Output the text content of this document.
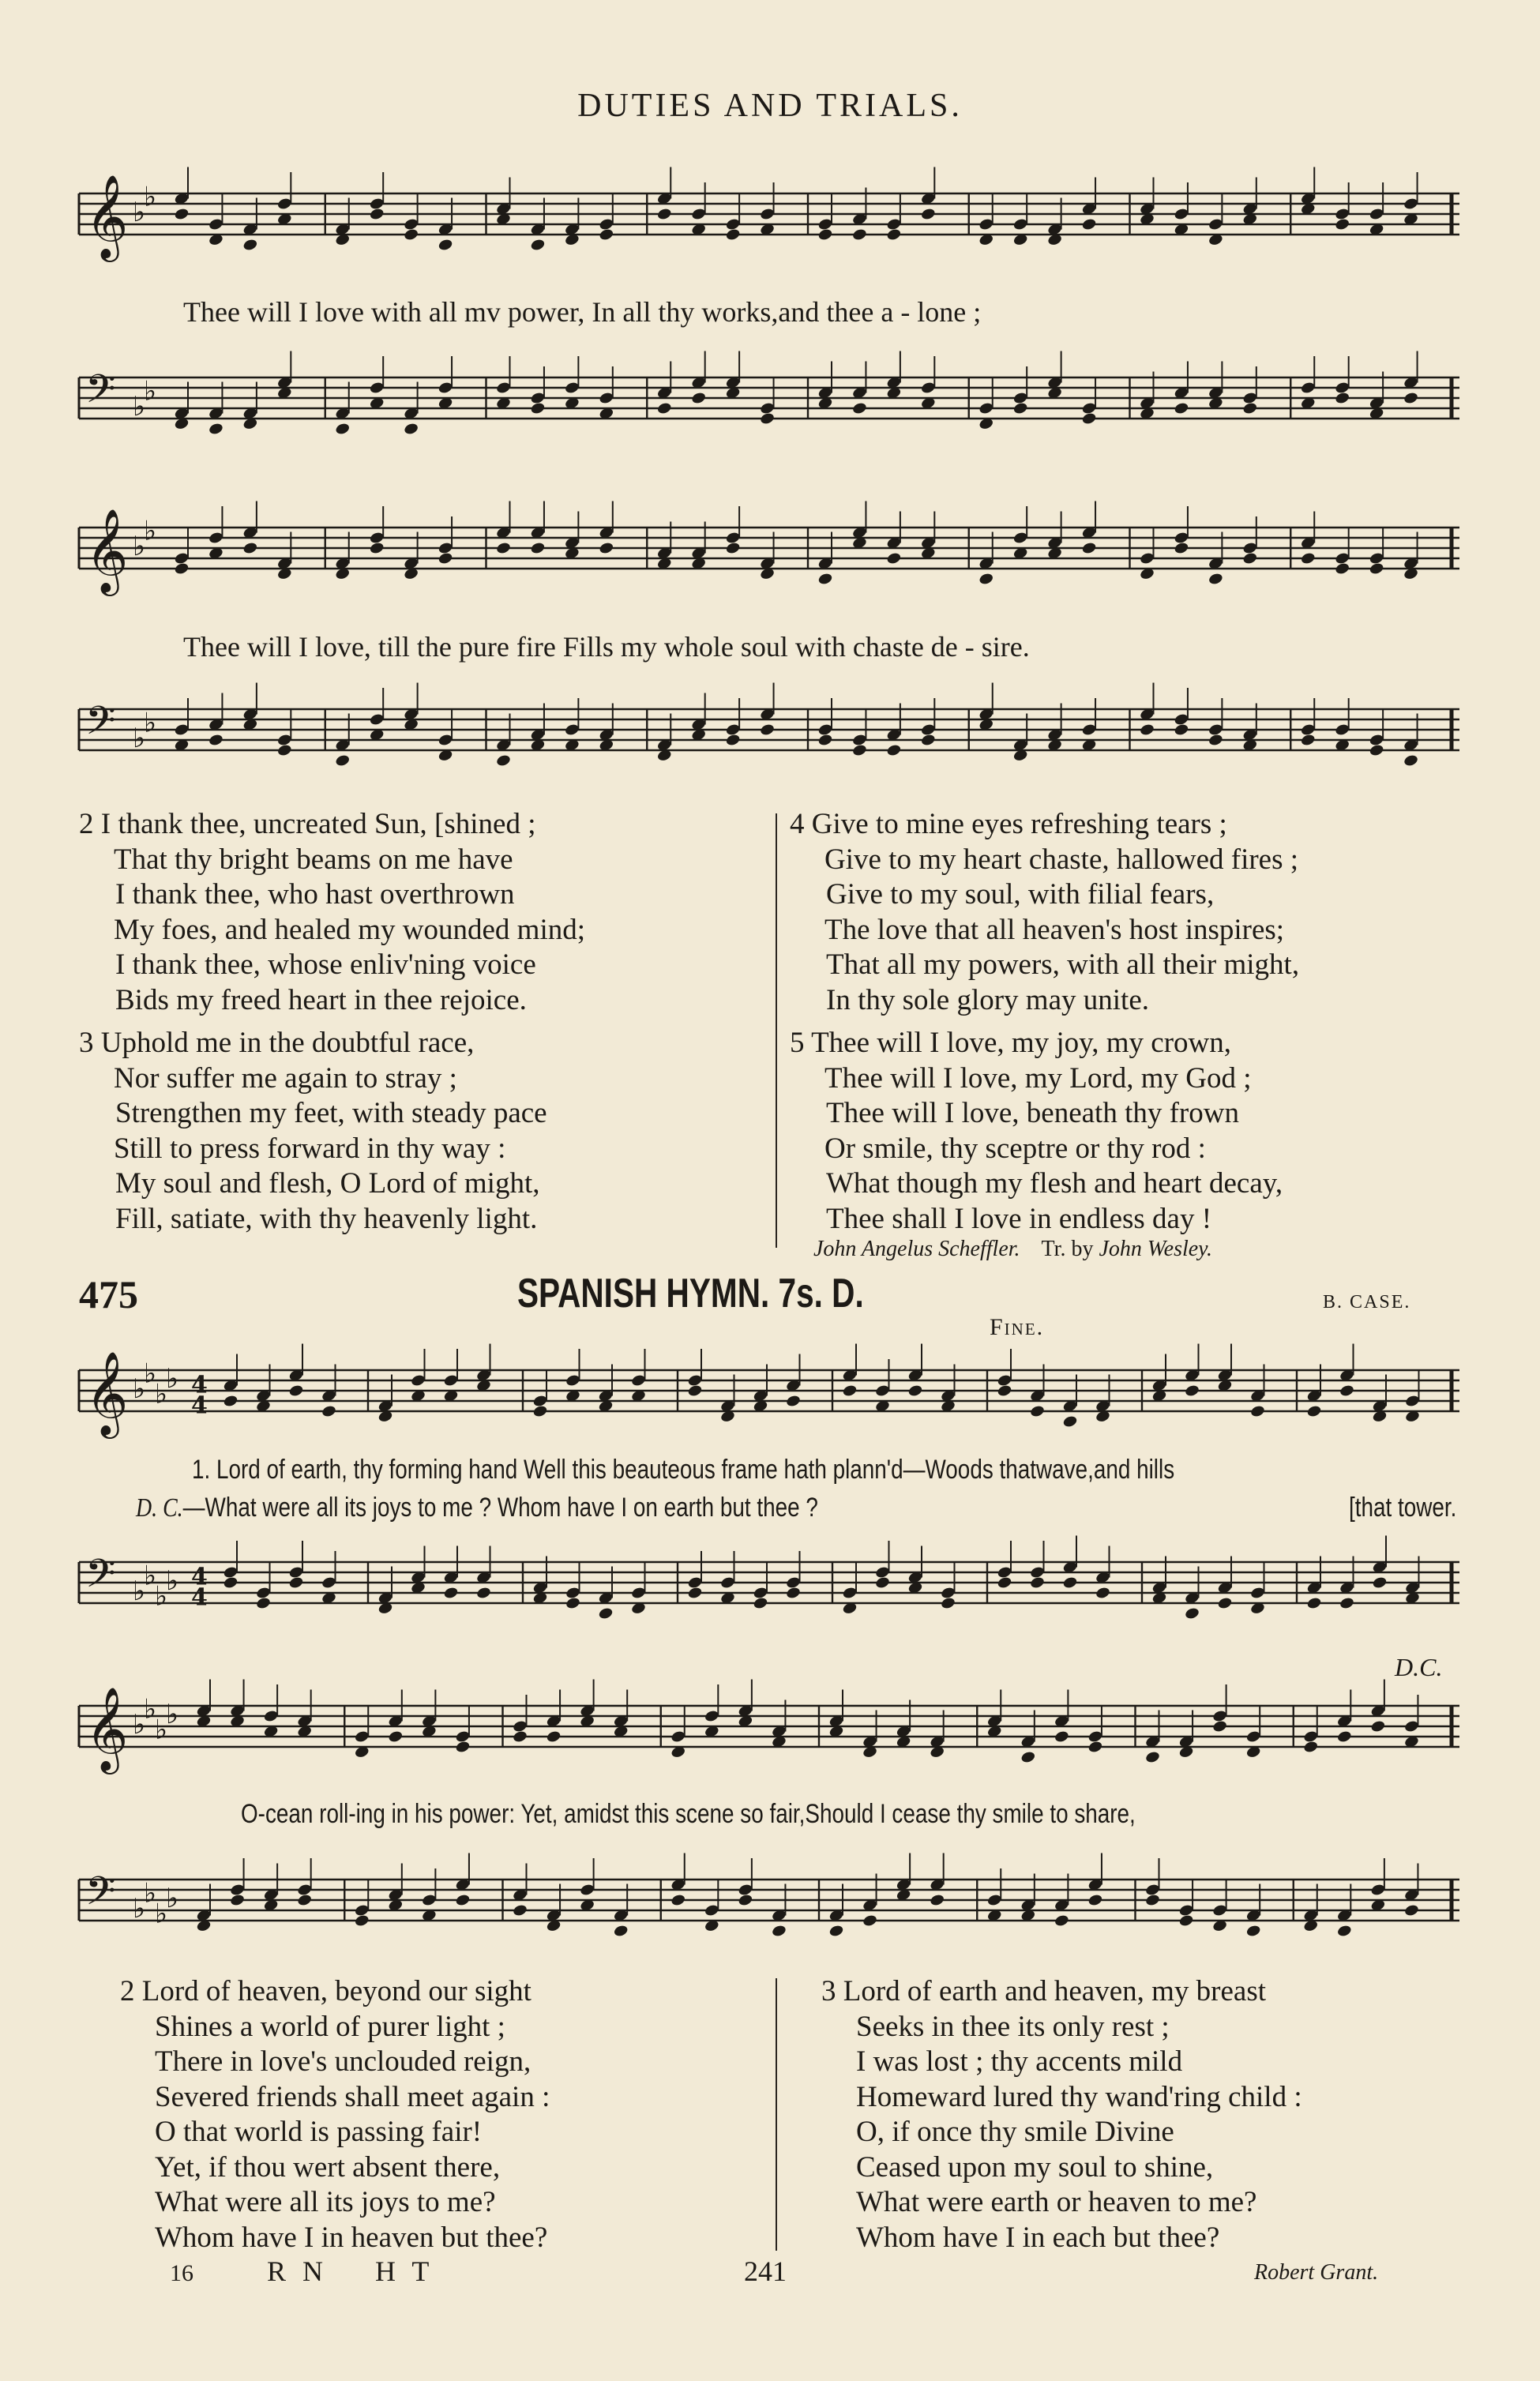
DUTIES AND TRIALS.
𝄞 ♭
♭
Thee will I love with all mv power, In all thy works,and thee a - lone ;
𝄢 ♭
♭
𝄞 ♭
♭
Thee will I love, till the pure fire Fills my whole soul with chaste de - sire.
𝄢 ♭
♭
2 I thank thee, uncreated Sun, [shined ;
That thy bright beams on me have
I thank thee, who hast overthrown
My foes, and healed my wounded mind;
I thank thee, whose enliv'ning voice
Bids my freed heart in thee rejoice.
3 Uphold me in the doubtful race,
Nor suffer me again to stray ;
Strengthen my feet, with steady pace
Still to press forward in thy way :
My soul and flesh, O Lord of might,
Fill, satiate, with thy heavenly light.
4 Give to mine eyes refreshing tears ;
Give to my heart chaste, hallowed fires ;
Give to my soul, with filial fears,
The love that all heaven's host inspires;
That all my powers, with all their might,
In thy sole glory may unite.
5 Thee will I love, my joy, my crown,
Thee will I love, my Lord, my God ;
Thee will I love, beneath thy frown
Or smile, thy sceptre or thy rod :
What though my flesh and heart decay,
Thee shall I love in endless day !
John Angelus Scheffler. Tr. by John Wesley.
475	SPANISH HYMN. 7s. D.	B. CASE.
Fine.
𝄞 ♭
♭
♭
♭ 4
4
1. Lord of earth, thy forming hand Well this beauteous frame hath plann'd—Woods thatwave,and hills
D. C.—What were all its joys to me ? Whom have I on earth but thee ?	[that tower.
𝄢 ♭
♭
♭
♭ 4
4
D.C.
𝄞 ♭
♭
♭
♭
O-cean roll-ing in his power: Yet, amidst this scene so fair,Should I cease thy smile to share,
𝄢 ♭
♭
♭
♭
2 Lord of heaven, beyond our sight
Shines a world of purer light ;
There in love's unclouded reign,
Severed friends shall meet again :
O that world is passing fair!
Yet, if thou wert absent there,
What were all its joys to me?
Whom have I in heaven but thee?
3 Lord of earth and heaven, my breast
Seeks in thee its only rest ;
I was lost ; thy accents mild
Homeward lured thy wand'ring child :
O, if once thy smile Divine
Ceased upon my soul to shine,
What were earth or heaven to me?
Whom have I in each but thee?
16	R N    H T	241	Robert Grant.
